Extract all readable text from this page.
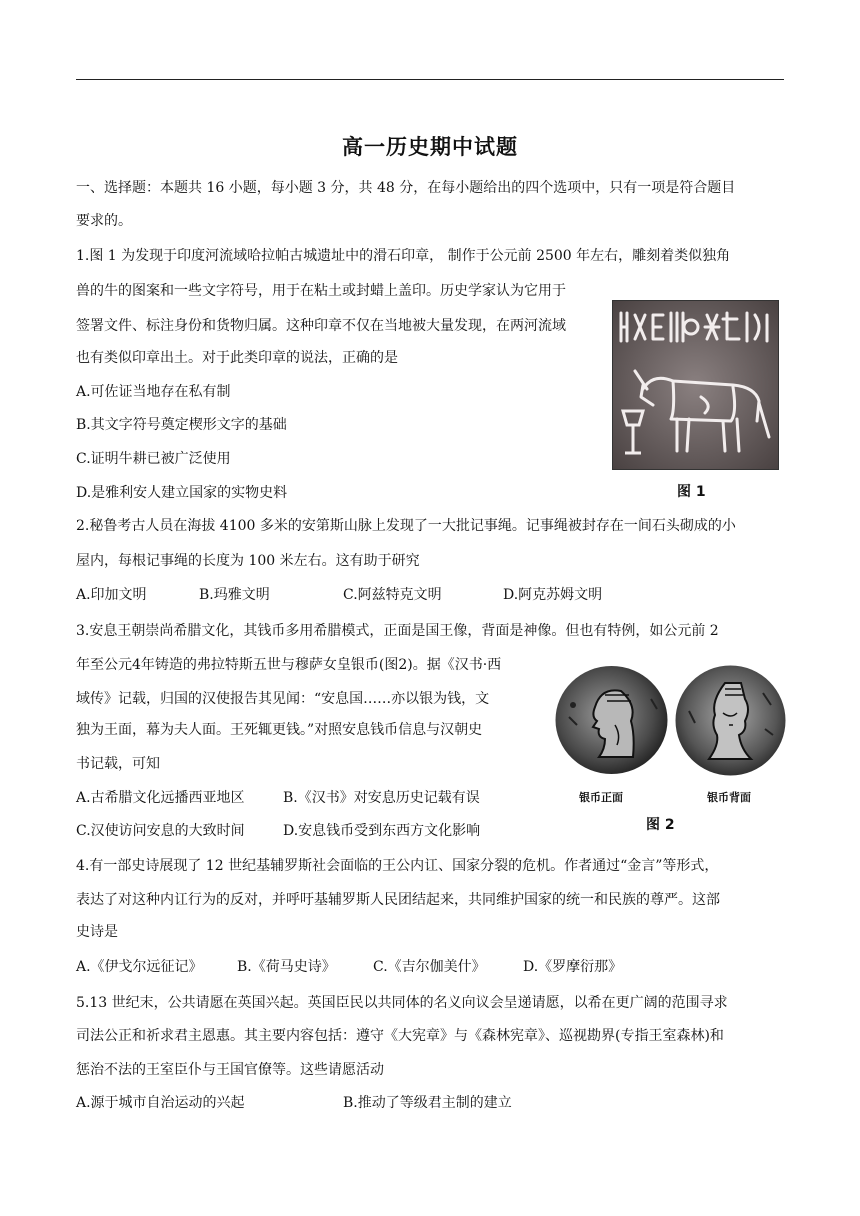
高一历史期中试题
一、选择题：本题共 16 小题，每小题 3 分，共 48 分，在每小题给出的四个选项中，只有一项是符合题目
要求的。
1.图 1 为发现于印度河流域哈拉帕古城遗址中的滑石印章， 制作于公元前 2500 年左右，雕刻着类似独角
兽的牛的图案和一些文字符号，用于在粘土或封蜡上盖印。历史学家认为它用于
签署文件、标注身份和货物归属。这种印章不仅在当地被大量发现，在两河流域
也有类似印章出土。对于此类印章的说法，正确的是
A.可佐证当地存在私有制
B.其文字符号奠定楔形文字的基础
C.证明牛耕已被广泛使用
D.是雅利安人建立国家的实物史料	图 1
2.秘鲁考古人员在海拔 4100 多米的安第斯山脉上发现了一大批记事绳。记事绳被封存在一间石头砌成的小
屋内，每根记事绳的长度为 100 米左右。这有助于研究
A.印加文明	B.玛雅文明	C.阿兹特克文明	D.阿克苏姆文明
3.安息王朝崇尚希腊文化，其钱币多用希腊模式，正面是国王像，背面是神像。但也有特例，如公元前 2
年至公元4年铸造的弗拉特斯五世与穆萨女皇银币(图2)。据《汉书·西
域传》记载，归国的汉使报告其见闻：“安息国……亦以银为钱，文
独为王面，幕为夫人面。王死辄更钱。”对照安息钱币信息与汉朝史
书记载，可知
A.古希腊文化远播西亚地区	B.《汉书》对安息历史记载有误
C.汉使访问安息的大致时间	D.安息钱币受到东西方文化影响
银币正面	银币背面
图 2
4.有一部史诗展现了 12 世纪基辅罗斯社会面临的王公内讧、国家分裂的危机。作者通过“金言”等形式，
表达了对这种内讧行为的反对，并呼吁基辅罗斯人民团结起来，共同维护国家的统一和民族的尊严。这部
史诗是
A.《伊戈尔远征记》 B.《荷马史诗》	C.《吉尔伽美什》	D.《罗摩衍那》
5.13 世纪末，公共请愿在英国兴起。英国臣民以共同体的名义向议会呈递请愿，以希在更广阔的范围寻求
司法公正和祈求君主恩惠。其主要内容包括：遵守《大宪章》与《森林宪章》、巡视勘界(专指王室森林)和
惩治不法的王室臣仆与王国官僚等。这些请愿活动
A.源于城市自治运动的兴起	B.推动了等级君主制的建立
